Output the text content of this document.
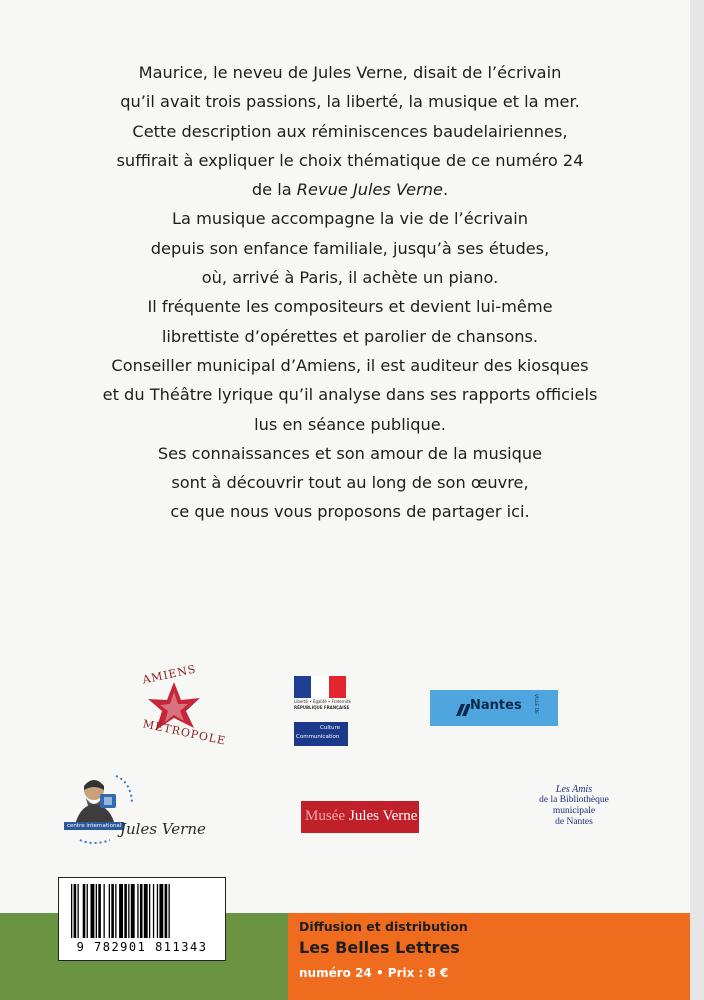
Maurice, le neveu de Jules Verne, disait de l’écrivain
qu’il avait trois passions, la liberté, la musique et la mer.
Cette description aux réminiscences baudelairiennes,
suffirait à expliquer le choix thématique de ce numéro 24
de la Revue Jules Verne.
La musique accompagne la vie de l’écrivain
depuis son enfance familiale, jusqu’à ses études,
où, arrivé à Paris, il achète un piano.
Il fréquente les compositeurs et devient lui-même
librettiste d’opérettes et parolier de chansons.
Conseiller municipal d’Amiens, il est auditeur des kiosques
et du Théâtre lyrique qu’il analyse dans ses rapports officiels
lus en séance publique.
Ses connaissances et son amour de la musique
sont à découvrir tout au long de son œuvre,
ce que nous vous proposons de partager ici.
AMIENS
MÉTROPOLE
Liberté • Égalité • Fraternité
RÉPUBLIQUE FRANÇAISE
Culture
Communication
Nantes	VILLE DE
centre international
Jules Verne
Musée Jules Verne
Les Amis
de la Bibliothèque
municipale
de Nantes
9 782901 811343
Diffusion et distribution
Les Belles Lettres
numéro 24 • Prix : 8 €
